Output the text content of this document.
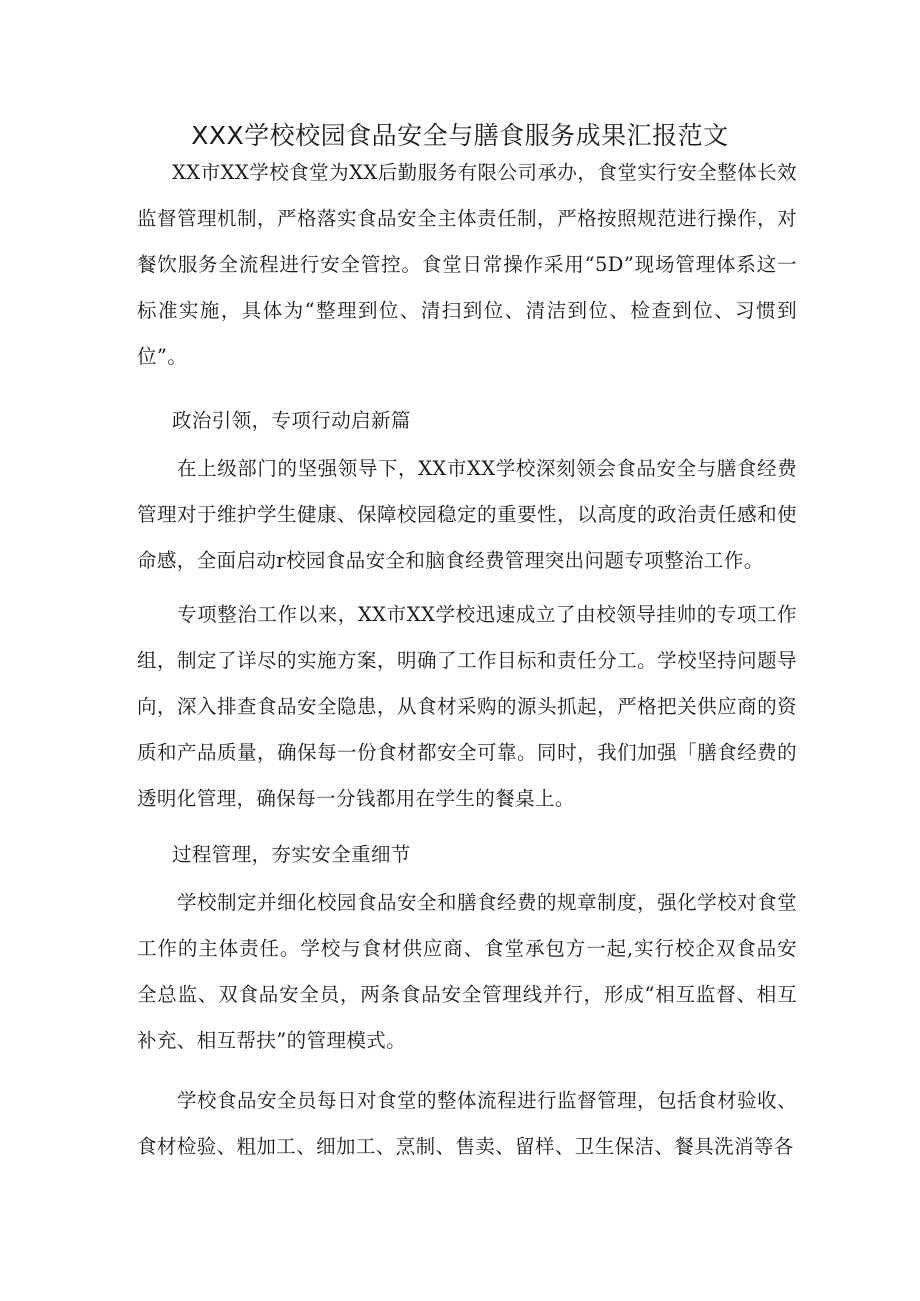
XXX学校校园食品安全与膳食服务成果汇报范文

XX市XX学校食堂为XX后勤服务有限公司承办，食堂实行安全整体长效监督管理机制，严格落实食品安全主体责任制，严格按照规范进行操作，对餐饮服务全流程进行安全管控。食堂日常操作采用“5D”现场管理体系这一标准实施，具体为“整理到位、清扫到位、清洁到位、检查到位、习惯到位”。

政治引领，专项行动启新篇

在上级部门的坚强领导下，XX市XX学校深刻领会食品安全与膳食经费管理对于维护学生健康、保障校园稳定的重要性，以高度的政治责任感和使命感，全面启动r校园食品安全和脑食经费管理突出问题专项整治工作。

专项整治工作以来，XX市XX学校迅速成立了由校领导挂帅的专项工作组，制定了详尽的实施方案，明确了工作目标和责任分工。学校坚持问题导向，深入排查食品安全隐患，从食材采购的源头抓起，严格把关供应商的资质和产品质量，确保每一份食材都安全可靠。同时，我们加强「膳食经费的透明化管理，确保每一分钱都用在学生的餐桌上。

过程管理，夯实安全重细节

学校制定并细化校园食品安全和膳食经费的规章制度，强化学校对食堂工作的主体责任。学校与食材供应商、食堂承包方一起,实行校企双食品安全总监、双食品安全员，两条食品安全管理线并行，形成“相互监督、相互补充、相互帮扶”的管理模式。

学校食品安全员每日对食堂的整体流程进行监督管理，包括食材验收、食材检验、粗加工、细加工、烹制、售卖、留样、卫生保洁、餐具洗消等各
